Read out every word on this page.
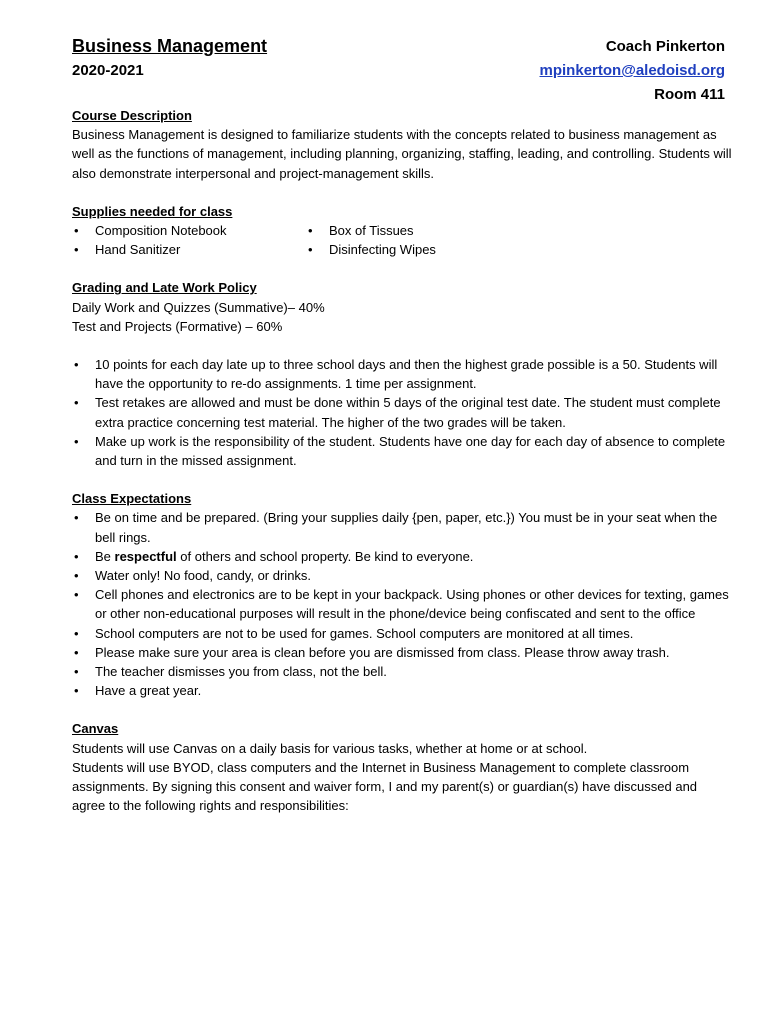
Business Management
2020-2021
Coach Pinkerton
mpinkerton@aledoisd.org
Room 411

Course Description

Business Management is designed to familiarize students with the concepts related to business management as well as the functions of management, including planning, organizing, staffing, leading, and controlling. Students will also demonstrate interpersonal and project-management skills.

Supplies needed for class

• Composition Notebook
• Hand Sanitizer
• Box of Tissues
• Disinfecting Wipes

Grading and Late Work Policy

Daily Work and Quizzes (Summative)– 40%

Test and Projects (Formative) – 60%

• 10 points for each day late up to three school days and then the highest grade possible is a 50. Students will have the opportunity to re-do assignments. 1 time per assignment.
• Test retakes are allowed and must be done within 5 days of the original test date. The student must complete extra practice concerning test material. The higher of the two grades will be taken.
• Make up work is the responsibility of the student. Students have one day for each day of absence to complete and turn in the missed assignment.

Class Expectations

• Be on time and be prepared. (Bring your supplies daily {pen, paper, etc.}) You must be in your seat when the bell rings.
• Be respectful of others and school property. Be kind to everyone.
• Water only! No food, candy, or drinks.
• Cell phones and electronics are to be kept in your backpack. Using phones or other devices for texting, games or other non-educational purposes will result in the phone/device being confiscated and sent to the office
• School computers are not to be used for games. School computers are monitored at all times.
• Please make sure your area is clean before you are dismissed from class. Please throw away trash.
• The teacher dismisses you from class, not the bell.
• Have a great year.

Canvas

Students will use Canvas on a daily basis for various tasks, whether at home or at school.

Students will use BYOD, class computers and the Internet in Business Management to complete classroom assignments. By signing this consent and waiver form, I and my parent(s) or guardian(s) have discussed and agree to the following rights and responsibilities:
